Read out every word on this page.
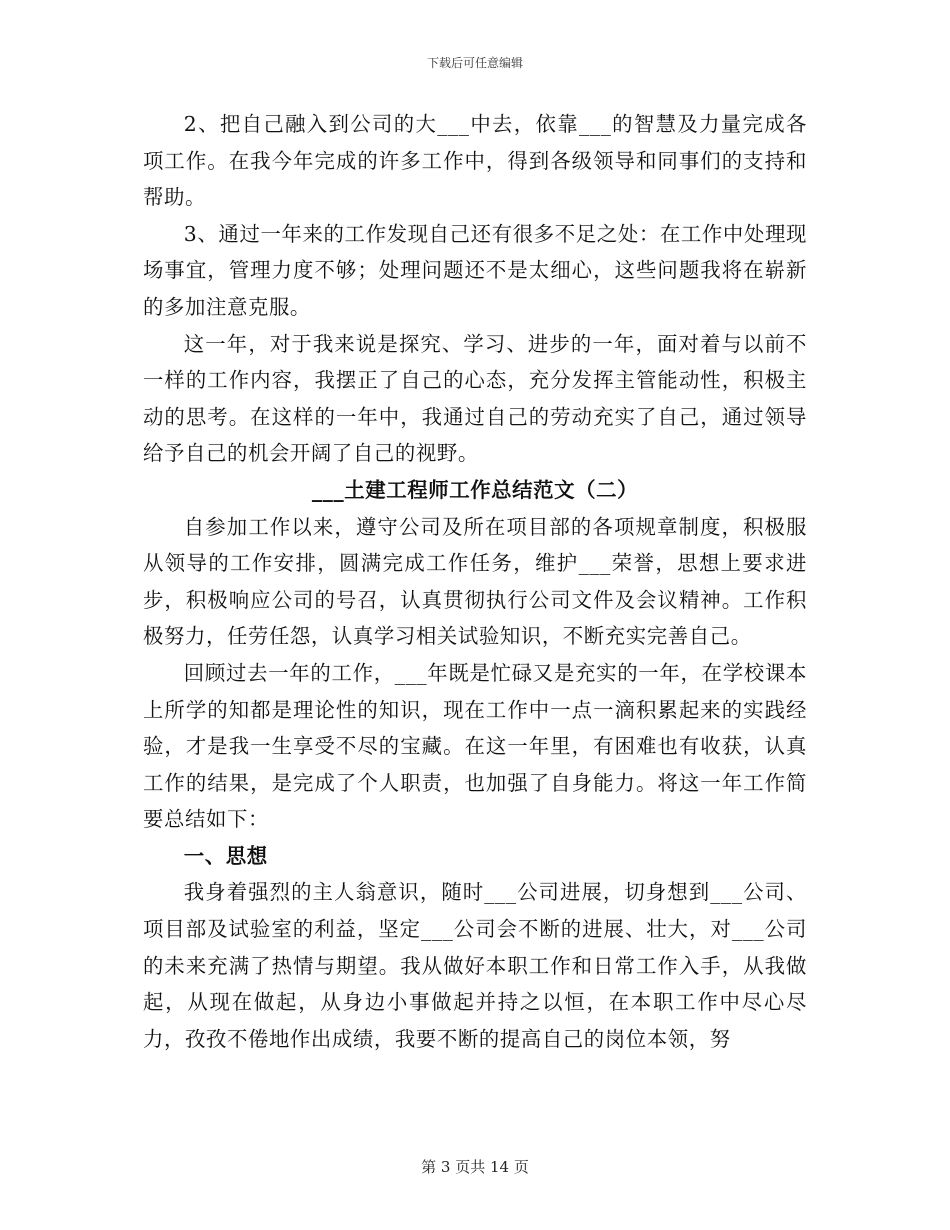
下载后可任意编辑

2、把自己融入到公司的大___中去，依靠___的智慧及力量完成各项工作。在我今年完成的许多工作中，得到各级领导和同事们的支持和帮助。

3、通过一年来的工作发现自己还有很多不足之处：在工作中处理现场事宜，管理力度不够；处理问题还不是太细心，这些问题我将在崭新的多加注意克服。

这一年，对于我来说是探究、学习、进步的一年，面对着与以前不一样的工作内容，我摆正了自己的心态，充分发挥主管能动性，积极主动的思考。在这样的一年中，我通过自己的劳动充实了自己，通过领导给予自己的机会开阔了自己的视野。

___土建工程师工作总结范文（二）

自参加工作以来，遵守公司及所在项目部的各项规章制度，积极服从领导的工作安排，圆满完成工作任务，维护___荣誉，思想上要求进步，积极响应公司的号召，认真贯彻执行公司文件及会议精神。工作积极努力，任劳任怨，认真学习相关试验知识，不断充实完善自己。

回顾过去一年的工作，___年既是忙碌又是充实的一年，在学校课本上所学的知都是理论性的知识，现在工作中一点一滴积累起来的实践经验，才是我一生享受不尽的宝藏。在这一年里，有困难也有收获，认真工作的结果，是完成了个人职责，也加强了自身能力。将这一年工作简要总结如下：

一、思想

我身着强烈的主人翁意识，随时___公司进展，切身想到___公司、项目部及试验室的利益，坚定___公司会不断的进展、壮大，对___公司的未来充满了热情与期望。我从做好本职工作和日常工作入手，从我做起，从现在做起，从身边小事做起并持之以恒，在本职工作中尽心尽力，孜孜不倦地作出成绩，我要不断的提高自己的岗位本领，努

第 3 页共 14 页
